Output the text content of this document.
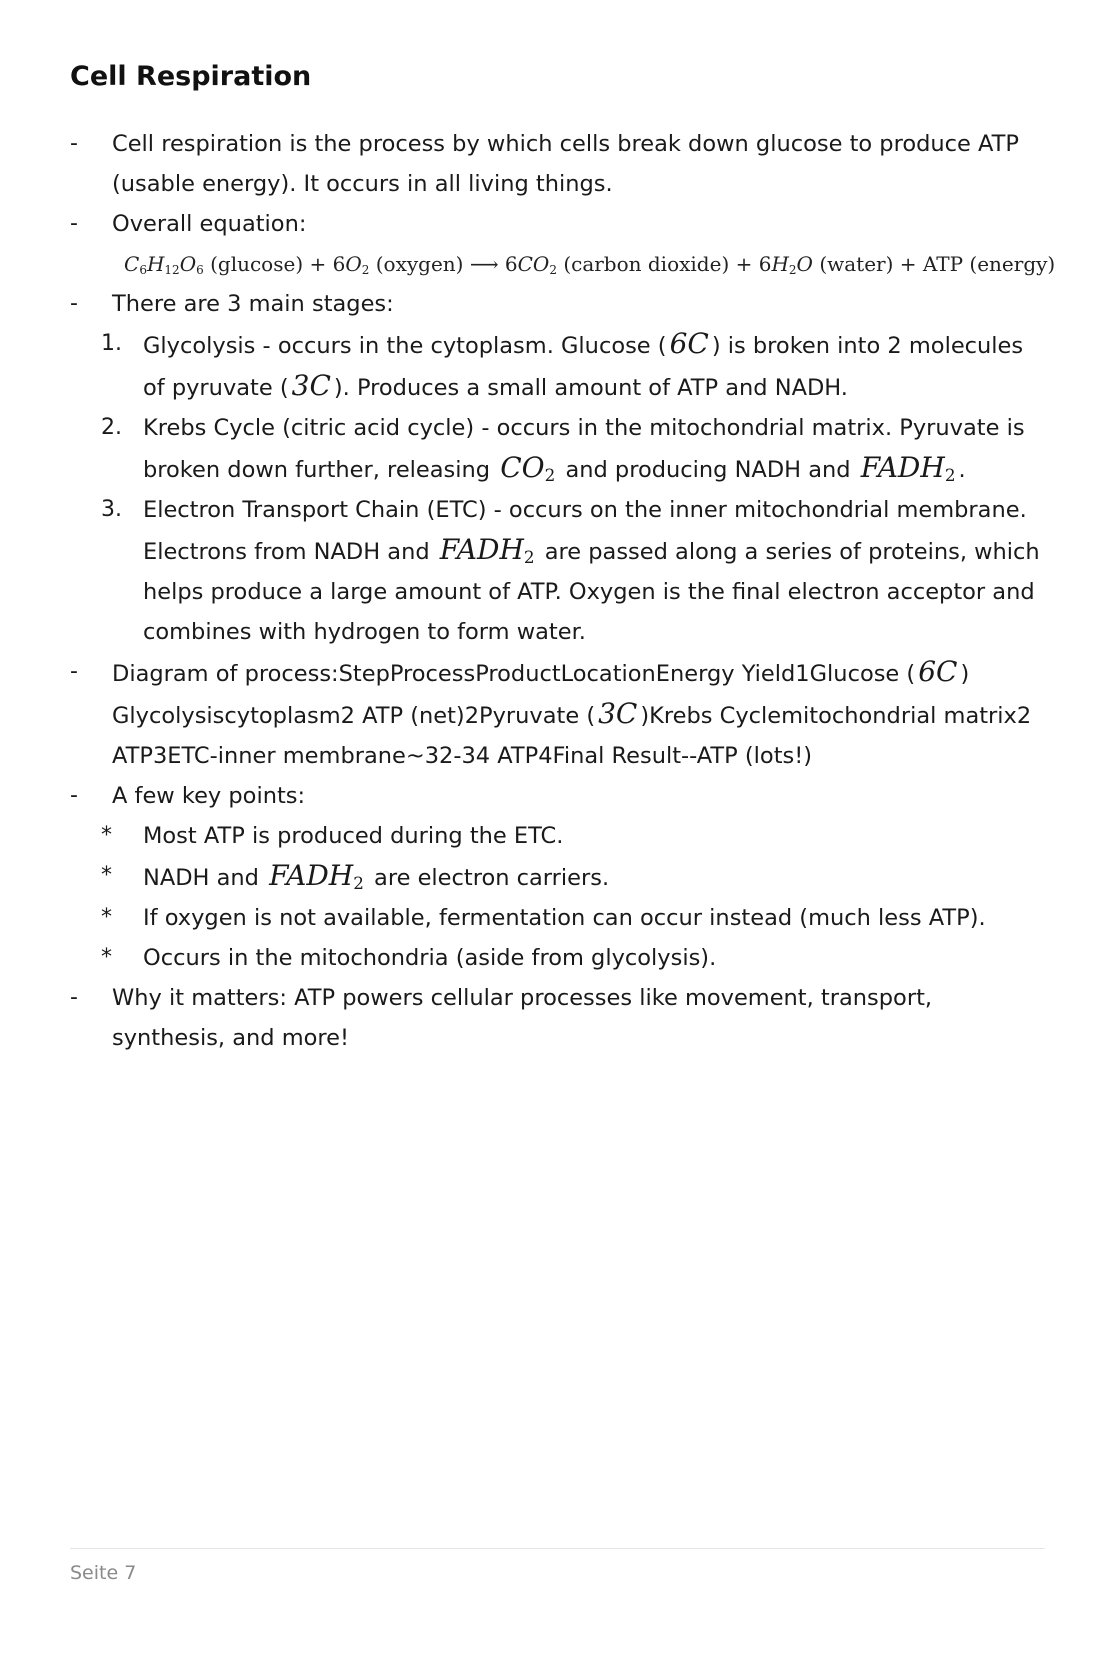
Cell Respiration
- Cell respiration is the process by which cells break down glucose to produce ATP (usable energy). It occurs in all living things.
- Overall equation:
$C_6H_{12}O_6$ $(glucose) + 6O_2$ (oxygen) ⟶ $6CO_2$ (carbon dioxide) + $6H_2O$ (water) + ATP (energy)
- There are 3 main stages:
1. Glycolysis - occurs in the cytoplasm. Glucose ( 6C ) is broken into 2 molecules of pyruvate ( 3C ). Produces a small amount of ATP and NADH.
2. Krebs Cycle (citric acid cycle) - occurs in the mitochondrial matrix. Pyruvate is broken down further, releasing $CO_2$ and producing NADH and $FADH_2$ .
3. Electron Transport Chain (ETC) - occurs on the inner mitochondrial membrane. Electrons from NADH and $FADH_2$ are passed along a series of proteins, which helps produce a large amount of ATP. Oxygen is the final electron acceptor and combines with hydrogen to form water.
- Diagram of process:StepProcessProductLocationEnergy Yield1Glucose ( 6C ) Glycolysiscytoplasm2 ATP (net)2Pyruvate ( 3C )Krebs Cyclemitochondrial matrix2 ATP3ETC-inner membrane~32-34 ATP4Final Result--ATP (lots!)
- A few key points:
* Most ATP is produced during the ETC.
* NADH and $FADH_2$ are electron carriers.
* If oxygen is not available, fermentation can occur instead (much less ATP).
* Occurs in the mitochondria (aside from glycolysis).
- Why it matters: ATP powers cellular processes like movement, transport, synthesis, and more!
Seite 7
